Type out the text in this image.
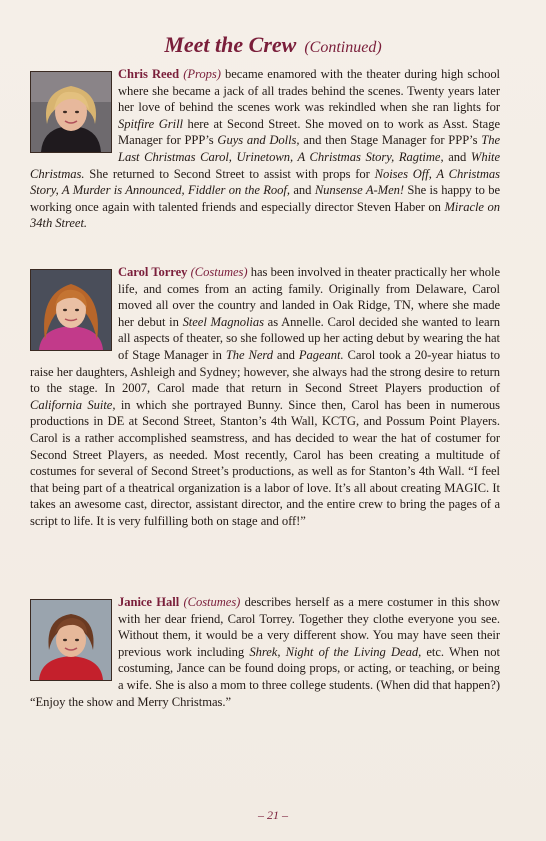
Meet the Crew (Continued)
Chris Reed (Props) became enamored with the theater during high school where she became a jack of all trades behind the scenes. Twenty years later her love of behind the scenes work was rekindled when she ran lights for Spitfire Grill here at Second Street. She moved on to work as Asst. Stage Manager for PPP’s Guys and Dolls, and then Stage Manager for PPP’s The Last Christmas Carol, Urinetown, A Christmas Story, Ragtime, and White Christmas. She returned to Second Street to assist with props for Noises Off, A Christmas Story, A Murder is Announced, Fiddler on the Roof, and Nunsense A-Men! She is happy to be working once again with talented friends and especially director Steven Haber on Miracle on 34th Street.
Carol Torrey (Costumes) has been involved in theater practically her whole life, and comes from an acting family. Originally from Delaware, Carol moved all over the country and landed in Oak Ridge, TN, where she made her debut in Steel Magnolias as Annelle. Carol decided she wanted to learn all aspects of theater, so she followed up her acting debut by wearing the hat of Stage Manager in The Nerd and Pageant. Carol took a 20-year hiatus to raise her daughters, Ashleigh and Sydney; however, she always had the strong desire to return to the stage. In 2007, Carol made that return in Second Street Players production of California Suite, in which she portrayed Bunny. Since then, Carol has been in numerous productions in DE at Second Street, Stanton’s 4th Wall, KCTG, and Possum Point Players. Carol is a rather accomplished seamstress, and has decided to wear the hat of costumer for Second Street Players, as needed. Most recently, Carol has been creating a multitude of costumes for several of Second Street’s productions, as well as for Stanton’s 4th Wall. “I feel that being part of a theatrical organization is a labor of love. It’s all about creating MAGIC. It takes an awesome cast, director, assistant director, and the entire crew to bring the pages of a script to life. It is very fulfilling both on stage and off!”
Janice Hall (Costumes) describes herself as a mere costumer in this show with her dear friend, Carol Torrey. Together they clothe everyone you see. Without them, it would be a very different show. You may have seen their previous work including Shrek, Night of the Living Dead, etc. When not costuming, Jance can be found doing props, or acting, or teaching, or being a wife. She is also a mom to three college students. (When did that happen?) “Enjoy the show and Merry Christmas.”
– 21 –
